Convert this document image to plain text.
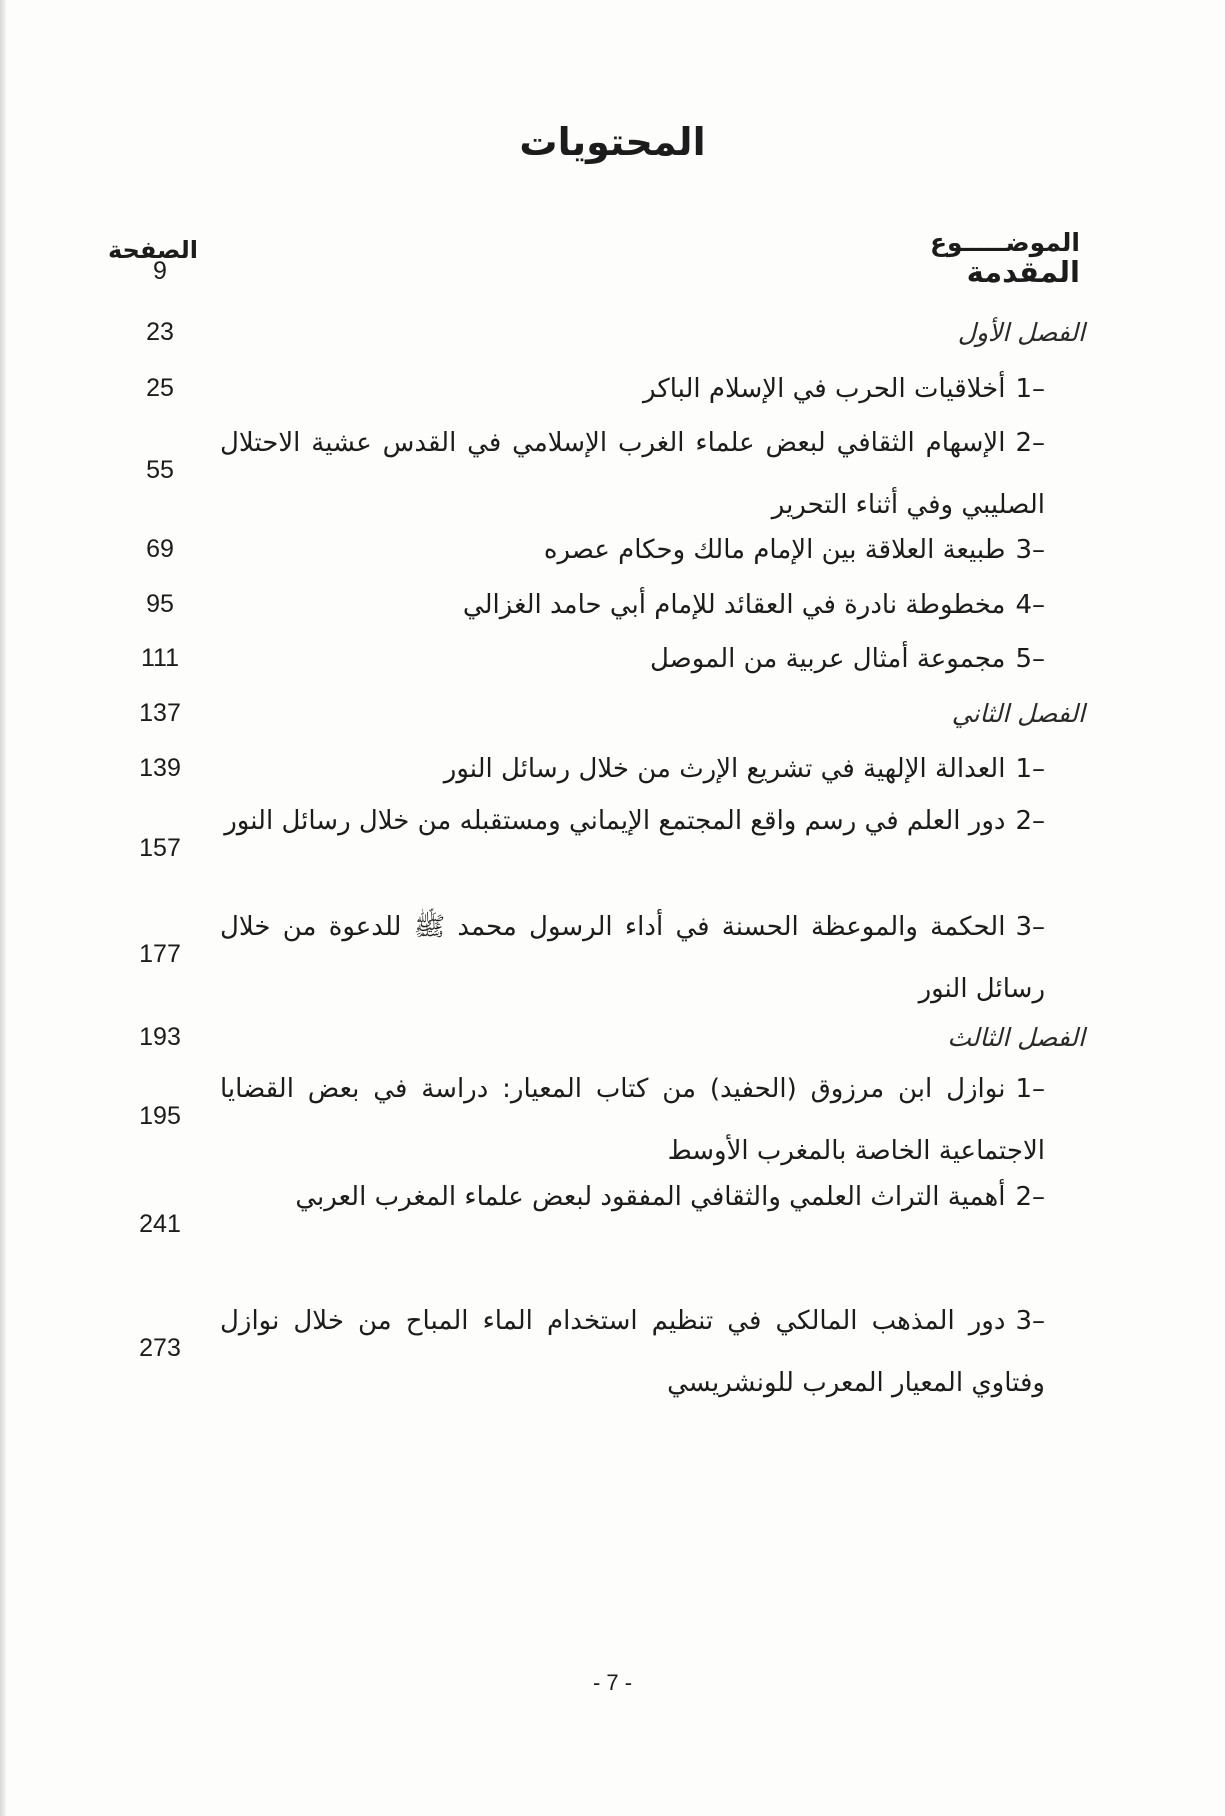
المحتويات
الموضـــــوع
الصفحة
المقدمة
9
الفصل الأول
23
1–أخلاقيات الحرب في الإسلام الباكر
25
2–الإسهام الثقافي لبعض علماء الغرب الإسلامي في القدس عشية الاحتلال الصليبي وفي أثناء التحرير
55
3–طبيعة العلاقة بين الإمام مالك وحكام عصره
69
4–مخطوطة نادرة في العقائد للإمام أبي حامد الغزالي
95
5–مجموعة أمثال عربية من الموصل
111
الفصل الثاني
137
1–العدالة الإلهية في تشريع الإرث من خلال رسائل النور
139
2–دور العلم في رسم واقع المجتمع الإيماني ومستقبله من خلال رسائل النور
157
3–الحكمة والموعظة الحسنة في أداء الرسول محمد ﷺ للدعوة من خلال رسائل النور
177
الفصل الثالث
193
1–نوازل ابن مرزوق (الحفيد) من كتاب المعيار: دراسة في بعض القضايا الاجتماعية الخاصة بالمغرب الأوسط
195
2–أهمية التراث العلمي والثقافي المفقود لبعض علماء المغرب العربي
241
3–دور المذهب المالكي في تنظيم استخدام الماء المباح من خلال نوازل وفتاوي المعيار المعرب للونشريسي
273
- 7 -
